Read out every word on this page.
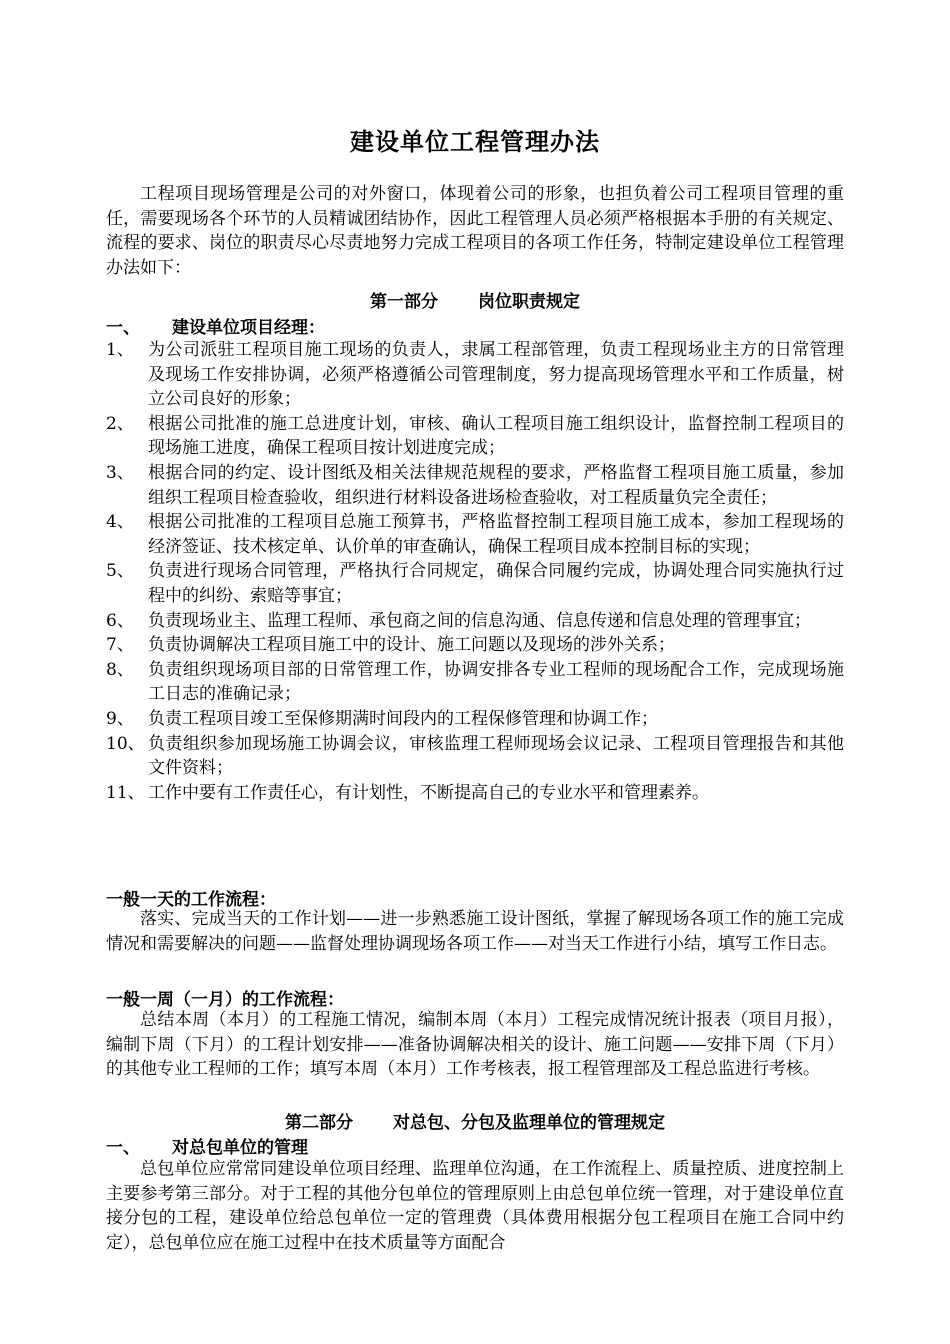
建设单位工程管理办法

工程项目现场管理是公司的对外窗口，体现着公司的形象，也担负着公司工程项目管理的重任，需要现场各个环节的人员精诚团结协作，因此工程管理人员必须严格根据本手册的有关规定、流程的要求、岗位的职责尽心尽责地努力完成工程项目的各项工作任务，特制定建设单位工程管理办法如下：

第一部分 岗位职责规定
一、 建设单位项目经理：
1、 为公司派驻工程项目施工现场的负责人，隶属工程部管理，负责工程现场业主方的日常管理及现场工作安排协调，必须严格遵循公司管理制度，努力提高现场管理水平和工作质量，树立公司良好的形象；
2、 根据公司批准的施工总进度计划，审核、确认工程项目施工组织设计，监督控制工程项目的现场施工进度，确保工程项目按计划进度完成；
3、 根据合同的约定、设计图纸及相关法律规范规程的要求，严格监督工程项目施工质量，参加组织工程项目检查验收，组织进行材料设备进场检查验收，对工程质量负完全责任；
4、 根据公司批准的工程项目总施工预算书，严格监督控制工程项目施工成本，参加工程现场的经济签证、技术核定单、认价单的审查确认，确保工程项目成本控制目标的实现；
5、 负责进行现场合同管理，严格执行合同规定，确保合同履约完成，协调处理合同实施执行过程中的纠纷、索赔等事宜；
6、 负责现场业主、监理工程师、承包商之间的信息沟通、信息传递和信息处理的管理事宜；
7、 负责协调解决工程项目施工中的设计、施工问题以及现场的涉外关系；
8、 负责组织现场项目部的日常管理工作，协调安排各专业工程师的现场配合工作，完成现场施工日志的准确记录；
9、 负责工程项目竣工至保修期满时间段内的工程保修管理和协调工作；
10、 负责组织参加现场施工协调会议，审核监理工程师现场会议记录、工程项目管理报告和其他文件资料；
11、 工作中要有工作责任心，有计划性，不断提高自己的专业水平和管理素养。
一般一天的工作流程：

落实、完成当天的工作计划——进一步熟悉施工设计图纸，掌握了解现场各项工作的施工完成情况和需要解决的问题——监督处理协调现场各项工作——对当天工作进行小结，填写工作日志。

一般一周（一月）的工作流程：

总结本周（本月）的工程施工情况，编制本周（本月）工程完成情况统计报表（项目月报），编制下周（下月）的工程计划安排——准备协调解决相关的设计、施工问题——安排下周（下月）的其他专业工程师的工作；填写本周（本月）工作考核表，报工程管理部及工程总监进行考核。

第二部分 对总包、分包及监理单位的管理规定
一、 对总包单位的管理

总包单位应常常同建设单位项目经理、监理单位沟通，在工作流程上、质量控质、进度控制上主要参考第三部分。对于工程的其他分包单位的管理原则上由总包单位统一管理，对于建设单位直接分包的工程，建设单位给总包单位一定的管理费（具体费用根据分包工程项目在施工合同中约定），总包单位应在施工过程中在技术质量等方面配合
